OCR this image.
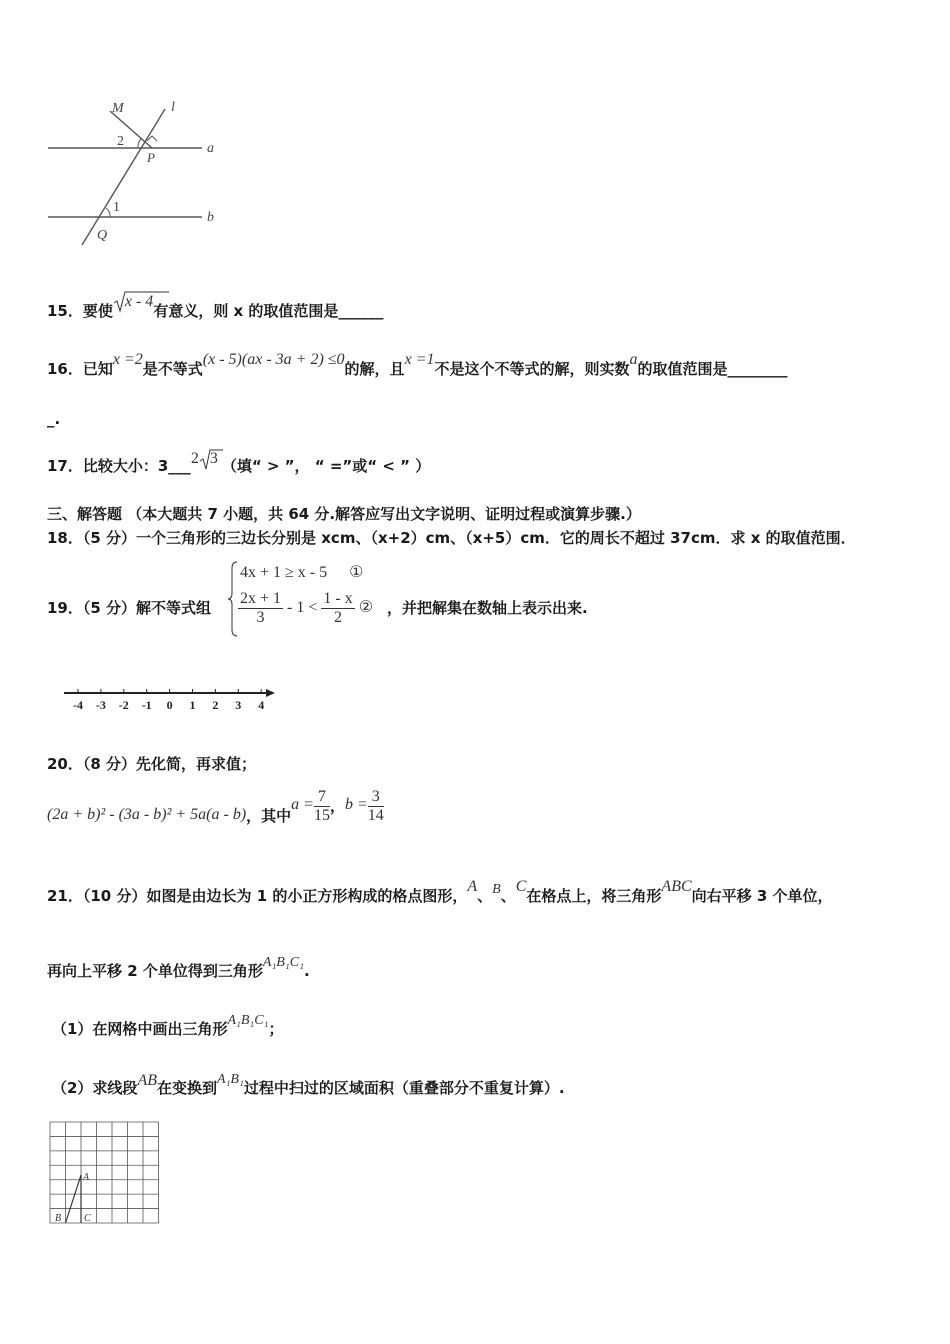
M	l
2
P
a
1
b
Q
15．要使
x - 4有意义，则 x 的取值范围是______
16．已知x =2是不等式(x - 5)(ax - 3a + 2) ≤0的解，且x =1不是这个不等式的解，则实数a的取值范围是________
_.
17．比较大小：3___2 3 （填“ > ”， “ =”或“ < ” ）
三、解答题 （本大题共 7 小题，共 64 分.解答应写出文字说明、证明过程或演算步骤.）
18．（5 分）一个三角形的三边长分别是 xcm、（x+2）cm、（x+5）cm．它的周长不超过 37cm．求 x 的取值范围．
19．（5 分）解不等式组
4x + 1 ≥ x - 5 ①
$\frac{2x + 1}{3} - 1 < \frac{1 - x}{2}$ ② ，并把解集在数轴上表示出来.
-4 -3 -2 -1 0 1 2 3 4
20．（8 分）先化简，再求值；
(2a + b)² - (3a - b)² + 5a(a - b)，其中$a = \frac{7}{15}$ ，$b = \frac{3}{14}$
21．（10 分）如图是由边长为 1 的小正方形构成的格点图形，A、B、C在格点上，将三角形ABC向右平移 3 个单位，
再向上平移 2 个单位得到三角形A₁B₁C₁.
（1）在网格中画出三角形A₁B₁C₁；
（2）求线段AB在变换到A₁B₁过程中扫过的区域面积（重叠部分不重复计算）.
A
B C
